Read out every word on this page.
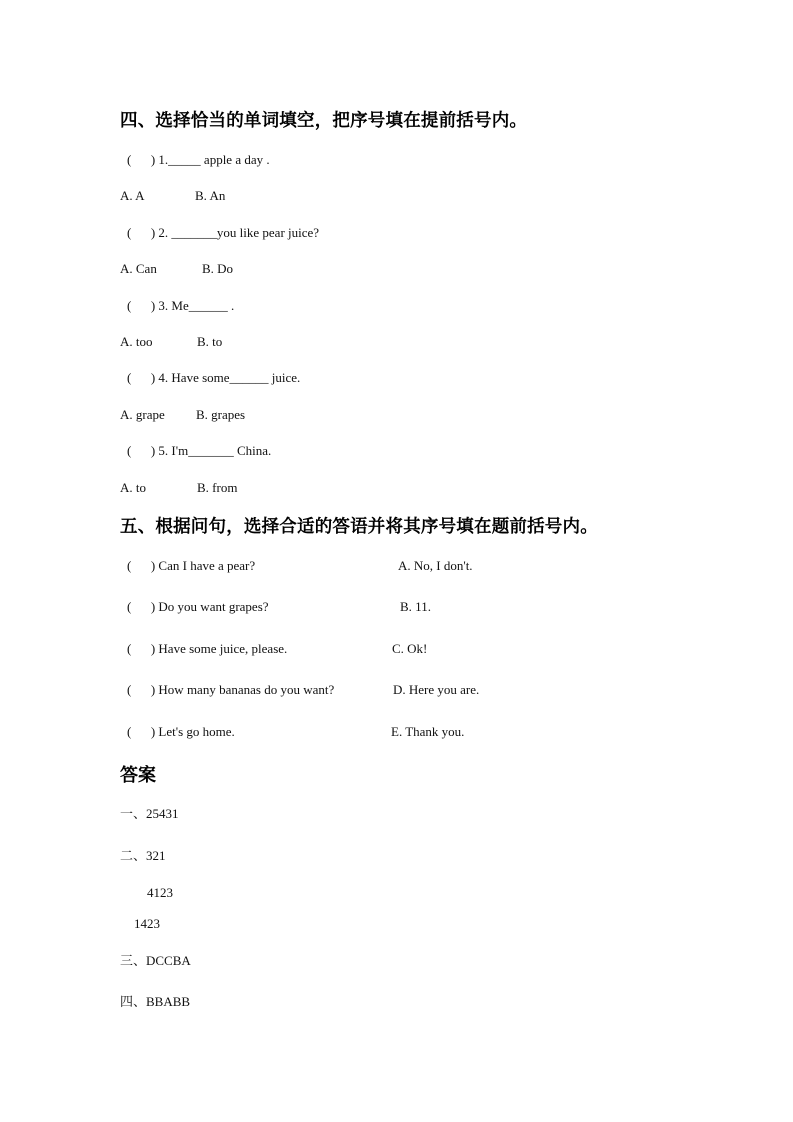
四、选择恰当的单词填空，把序号填在提前括号内。
(      ) 1._____ apple a day .
A. A	B. An
(      ) 2. _______you like pear juice?
A. Can	B. Do
(      ) 3. Me______ .
A. too	B. to
(      ) 4. Have some______ juice.
A. grape B. grapes
(      ) 5. I'm_______ China.
A. to	B. from
五、根据问句，选择合适的答语并将其序号填在题前括号内。
(      ) Can I have a pear?	A. No, I don't.
(      ) Do you want grapes?	B. 11.
(      ) Have some juice, please.	C. Ok!
(      ) How many bananas do you want?	D. Here you are.
(      ) Let's go home.	E. Thank you.
答案
一、25431
二、321
4123
1423
三、DCCBA
四、BBABB
